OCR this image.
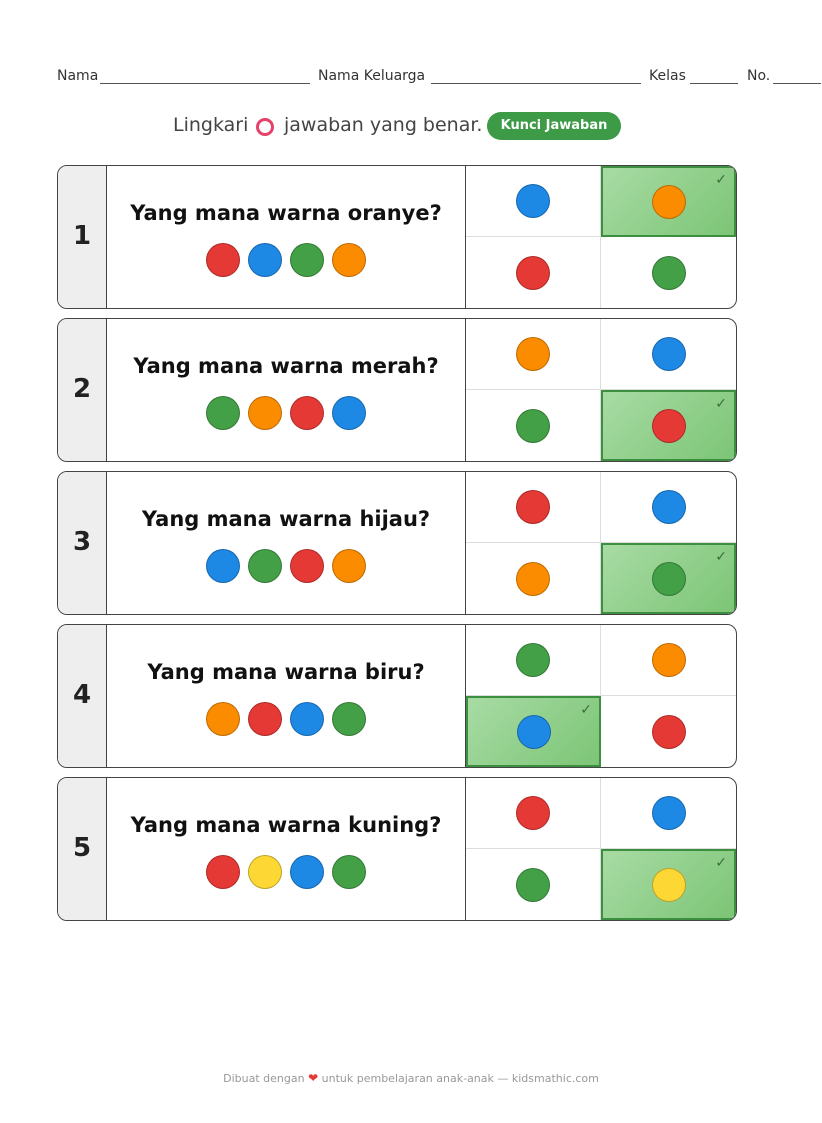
Nama	Nama Keluarga	Kelas	No.
Lingkari jawaban yang benar.	Kunci Jawaban
1
Yang mana warna oranye?
✓
2
Yang mana warna merah?
✓
3
Yang mana warna hijau?
✓
4
Yang mana warna biru?
✓
5
Yang mana warna kuning?
✓
Dibuat dengan ❤ untuk pembelajaran anak-anak — kidsmathic.com
